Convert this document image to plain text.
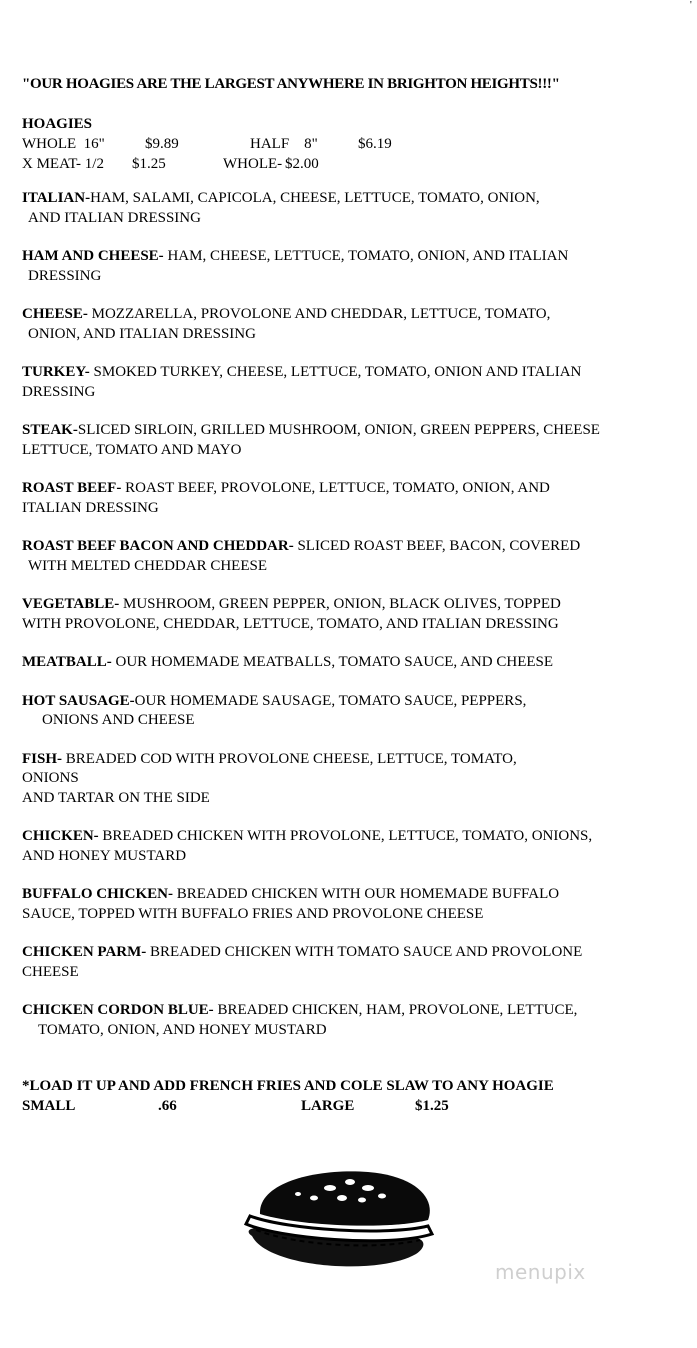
'
"OUR HOAGIES ARE THE LARGEST ANYWHERE IN BRIGHTON HEIGHTS!!!"
HOAGIES
WHOLE  16"	$9.89	HALF    8"	$6.19
X MEAT- 1/2 $1.25	WHOLE- $2.00
ITALIAN-HAM, SALAMI, CAPICOLA, CHEESE, LETTUCE, TOMATO, ONION,
AND ITALIAN DRESSING
HAM AND CHEESE- HAM, CHEESE, LETTUCE, TOMATO, ONION, AND ITALIAN
DRESSING
CHEESE- MOZZARELLA, PROVOLONE AND CHEDDAR, LETTUCE, TOMATO,
ONION, AND ITALIAN DRESSING
TURKEY- SMOKED TURKEY, CHEESE, LETTUCE, TOMATO, ONION AND ITALIAN
DRESSING
STEAK-SLICED SIRLOIN, GRILLED MUSHROOM, ONION, GREEN PEPPERS, CHEESE
LETTUCE, TOMATO AND MAYO
ROAST BEEF- ROAST BEEF, PROVOLONE, LETTUCE, TOMATO, ONION, AND
ITALIAN DRESSING
ROAST BEEF BACON AND CHEDDAR- SLICED ROAST BEEF, BACON, COVERED
WITH MELTED CHEDDAR CHEESE
VEGETABLE- MUSHROOM, GREEN PEPPER, ONION, BLACK OLIVES, TOPPED
WITH PROVOLONE, CHEDDAR, LETTUCE, TOMATO, AND ITALIAN DRESSING
MEATBALL- OUR HOMEMADE MEATBALLS, TOMATO SAUCE, AND CHEESE
HOT SAUSAGE-OUR HOMEMADE SAUSAGE, TOMATO SAUCE, PEPPERS,
ONIONS AND CHEESE
FISH- BREADED COD WITH PROVOLONE CHEESE, LETTUCE, TOMATO,
ONIONS
AND TARTAR ON THE SIDE
CHICKEN- BREADED CHICKEN WITH PROVOLONE, LETTUCE, TOMATO, ONIONS,
AND HONEY MUSTARD
BUFFALO CHICKEN- BREADED CHICKEN WITH OUR HOMEMADE BUFFALO
SAUCE, TOPPED WITH BUFFALO FRIES AND PROVOLONE CHEESE
CHICKEN PARM- BREADED CHICKEN WITH TOMATO SAUCE AND PROVOLONE
CHEESE
CHICKEN CORDON BLUE- BREADED CHICKEN, HAM, PROVOLONE, LETTUCE,
TOMATO, ONION, AND HONEY MUSTARD
*LOAD IT UP AND ADD FRENCH FRIES AND COLE SLAW TO ANY HOAGIE
SMALL	.66	LARGE	$1.25
menupix
